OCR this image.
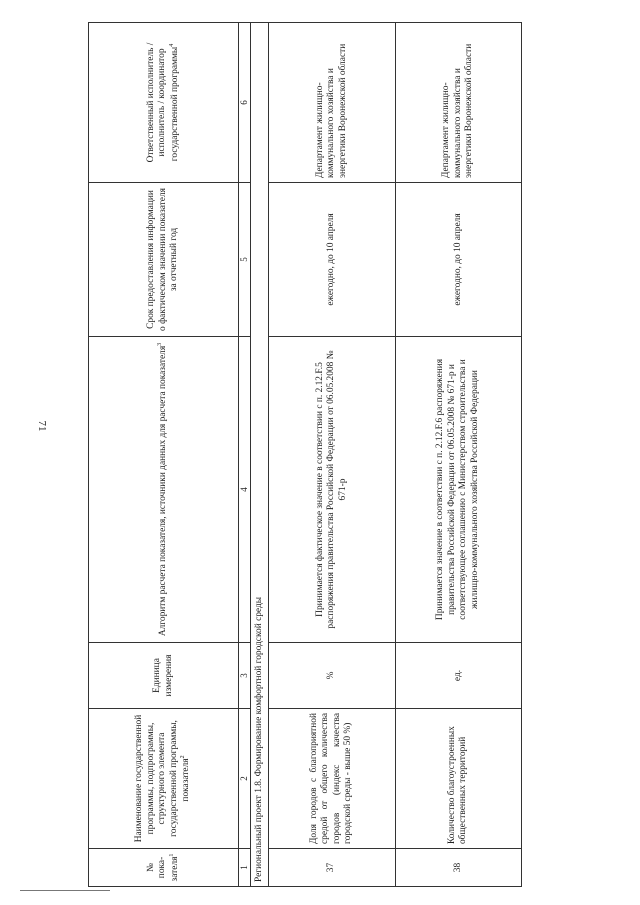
71
№ пока- зателя$^1$	Наименование государственной программы, подпрограммы, структурного элемента государственной программы, показателя$^2$	Единица измерения	Алгоритм расчета показателя, источники данных для расчета показателя$^3$	Срок предоставления информации о фактическом значении показателя за отчетный год	Ответственный исполнитель / исполнитель / координатор государственной программы$^4$
1	2	3	4	5	6
Региональный проект 1.8. Формирование комфортной городской среды					
37	Доля городов с благоприятной средой от общего количества городов (индекс качества городской среды - выше 50 %)	%	Принимается фактическое значение в соответствии с п. 2.12.F.5 распоряжения правительства Российской Федерации от 06.05.2008 № 671-р	ежегодно, до 10 апреля	Департамент жилищно-коммунального хозяйства и энергетики Воронежской области
38	Количество благоустроенных общественных территорий	ед.	Принимается значение в соответствии с п. 2.12.F.6 распоряжения правительства Российской Федерации от 06.05.2008 № 671-р и соответствующее соглашению с Министерством строительства и жилищно-коммунального хозяйства Российской Федерации	ежегодно, до 10 апреля	Департамент жилищно-коммунального хозяйства и энергетики Воронежской области
